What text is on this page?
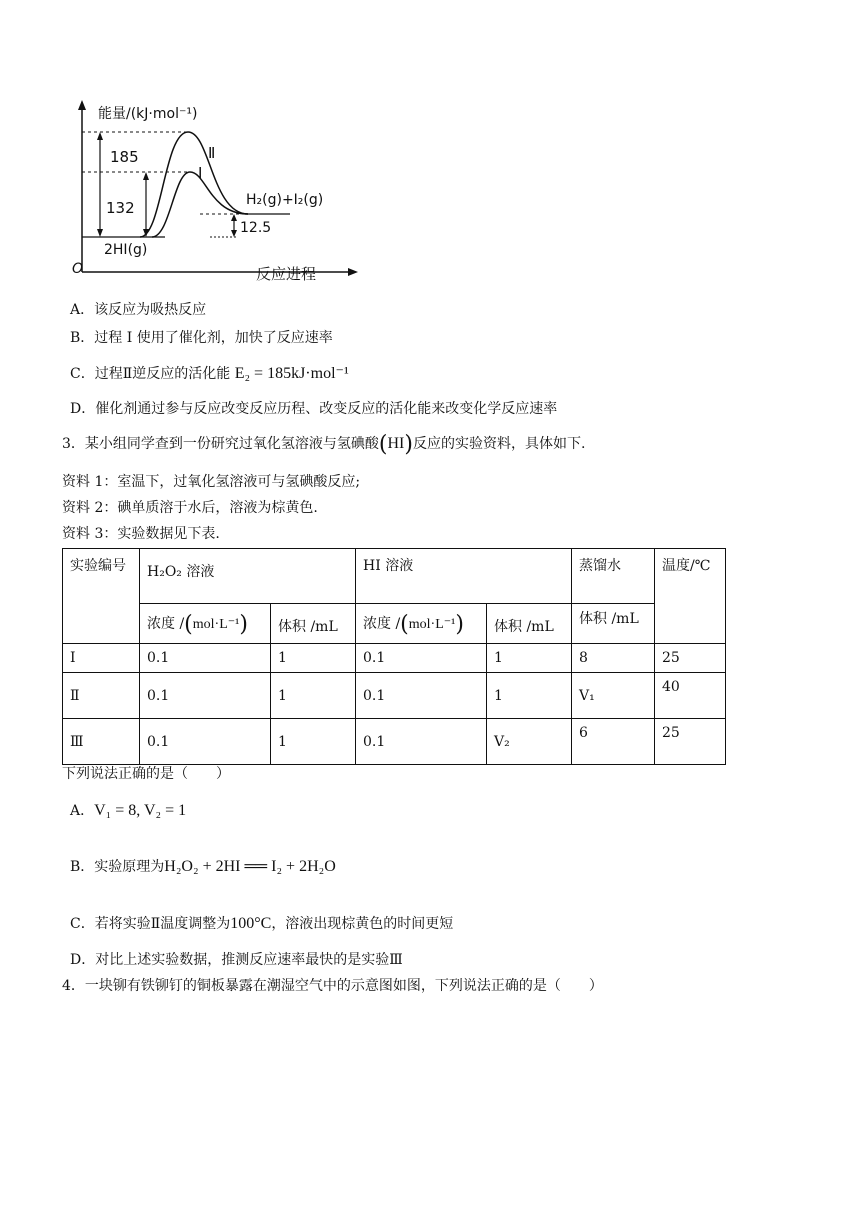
能量/(kJ·mol⁻¹)
反应进程
O
2HI(g)
H₂(g)+I₂(g)
Ⅱ
I
185
132
12.5
A．该反应为吸热反应
B．过程 I 使用了催化剂，加快了反应速率
C．过程Ⅱ逆反应的活化能 E₂ = 185kJ·mol⁻¹
D．催化剂通过参与反应改变反应历程、改变反应的活化能来改变化学反应速率
3．某小组同学查到一份研究过氧化氢溶液与氢碘酸(HI)反应的实验资料，具体如下.
资料 1：室温下，过氧化氢溶液可与氢碘酸反应;
资料 2：碘单质溶于水后，溶液为棕黄色.
资料 3：实验数据见下表.
实验编号	H₂O₂ 溶液		HI 溶液		蒸馏水	温度/℃
	浓度 /(mol·L⁻¹)	体积 /mL	浓度 /(mol·L⁻¹)	体积 /mL	体积 /mL	
Ⅰ	0.1	1	0.1	1	8	25
Ⅱ	0.1	1	0.1	1	V₁	40
Ⅲ	0.1	1	0.1	V₂	6	25
下列说法正确的是（　　）
A．V₁ = 8, V₂ = 1
B．实验原理为H₂O₂ + 2HI ══ I₂ + 2H₂O
C．若将实验Ⅱ温度调整为100°C，溶液出现棕黄色的时间更短
D．对比上述实验数据，推测反应速率最快的是实验Ⅲ
4．一块铆有铁铆钉的铜板暴露在潮湿空气中的示意图如图，下列说法正确的是（　　）
